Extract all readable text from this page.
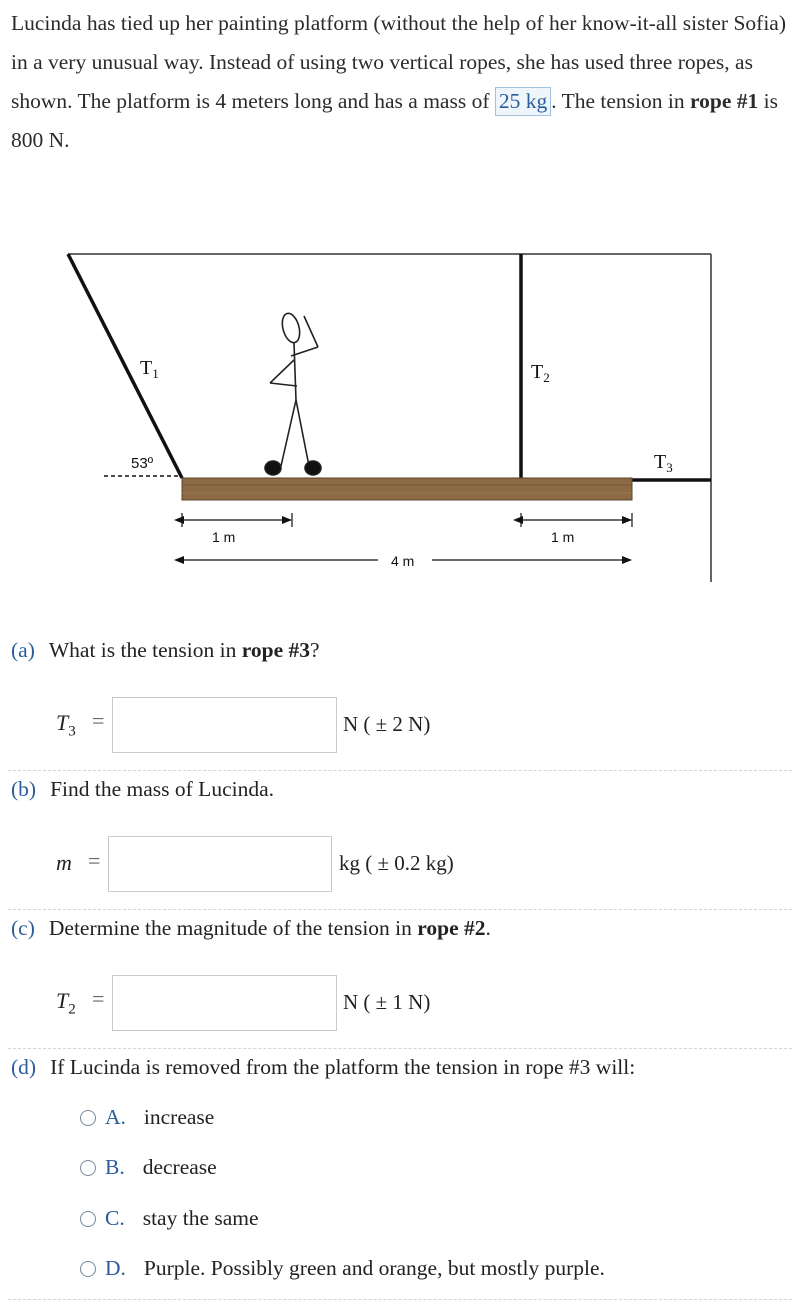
Lucinda has tied up her painting platform (without the help of her know-it-all sister Sofia) in a very unusual way. Instead of using two vertical ropes, she has used three ropes, as shown. The platform is 4 meters long and has a mass of 25 kg . The tension in rope #1 is 800 N.
$T_1$	$T_2$
$T_3$
53º
1 m	1 m
4 m
(a) What is the tension in rope #3?
$T_3$ =	N ( ± 2 N)
(b) Find the mass of Lucinda.
m =	kg ( ± 0.2 kg)
(c) Determine the magnitude of the tension in rope #2.
$T_2$ =	N ( ± 1 N)
(d) If Lucinda is removed from the platform the tension in rope #3 will:
A. increase
B. decrease
C. stay the same
D. Purple. Possibly green and orange, but mostly purple.
